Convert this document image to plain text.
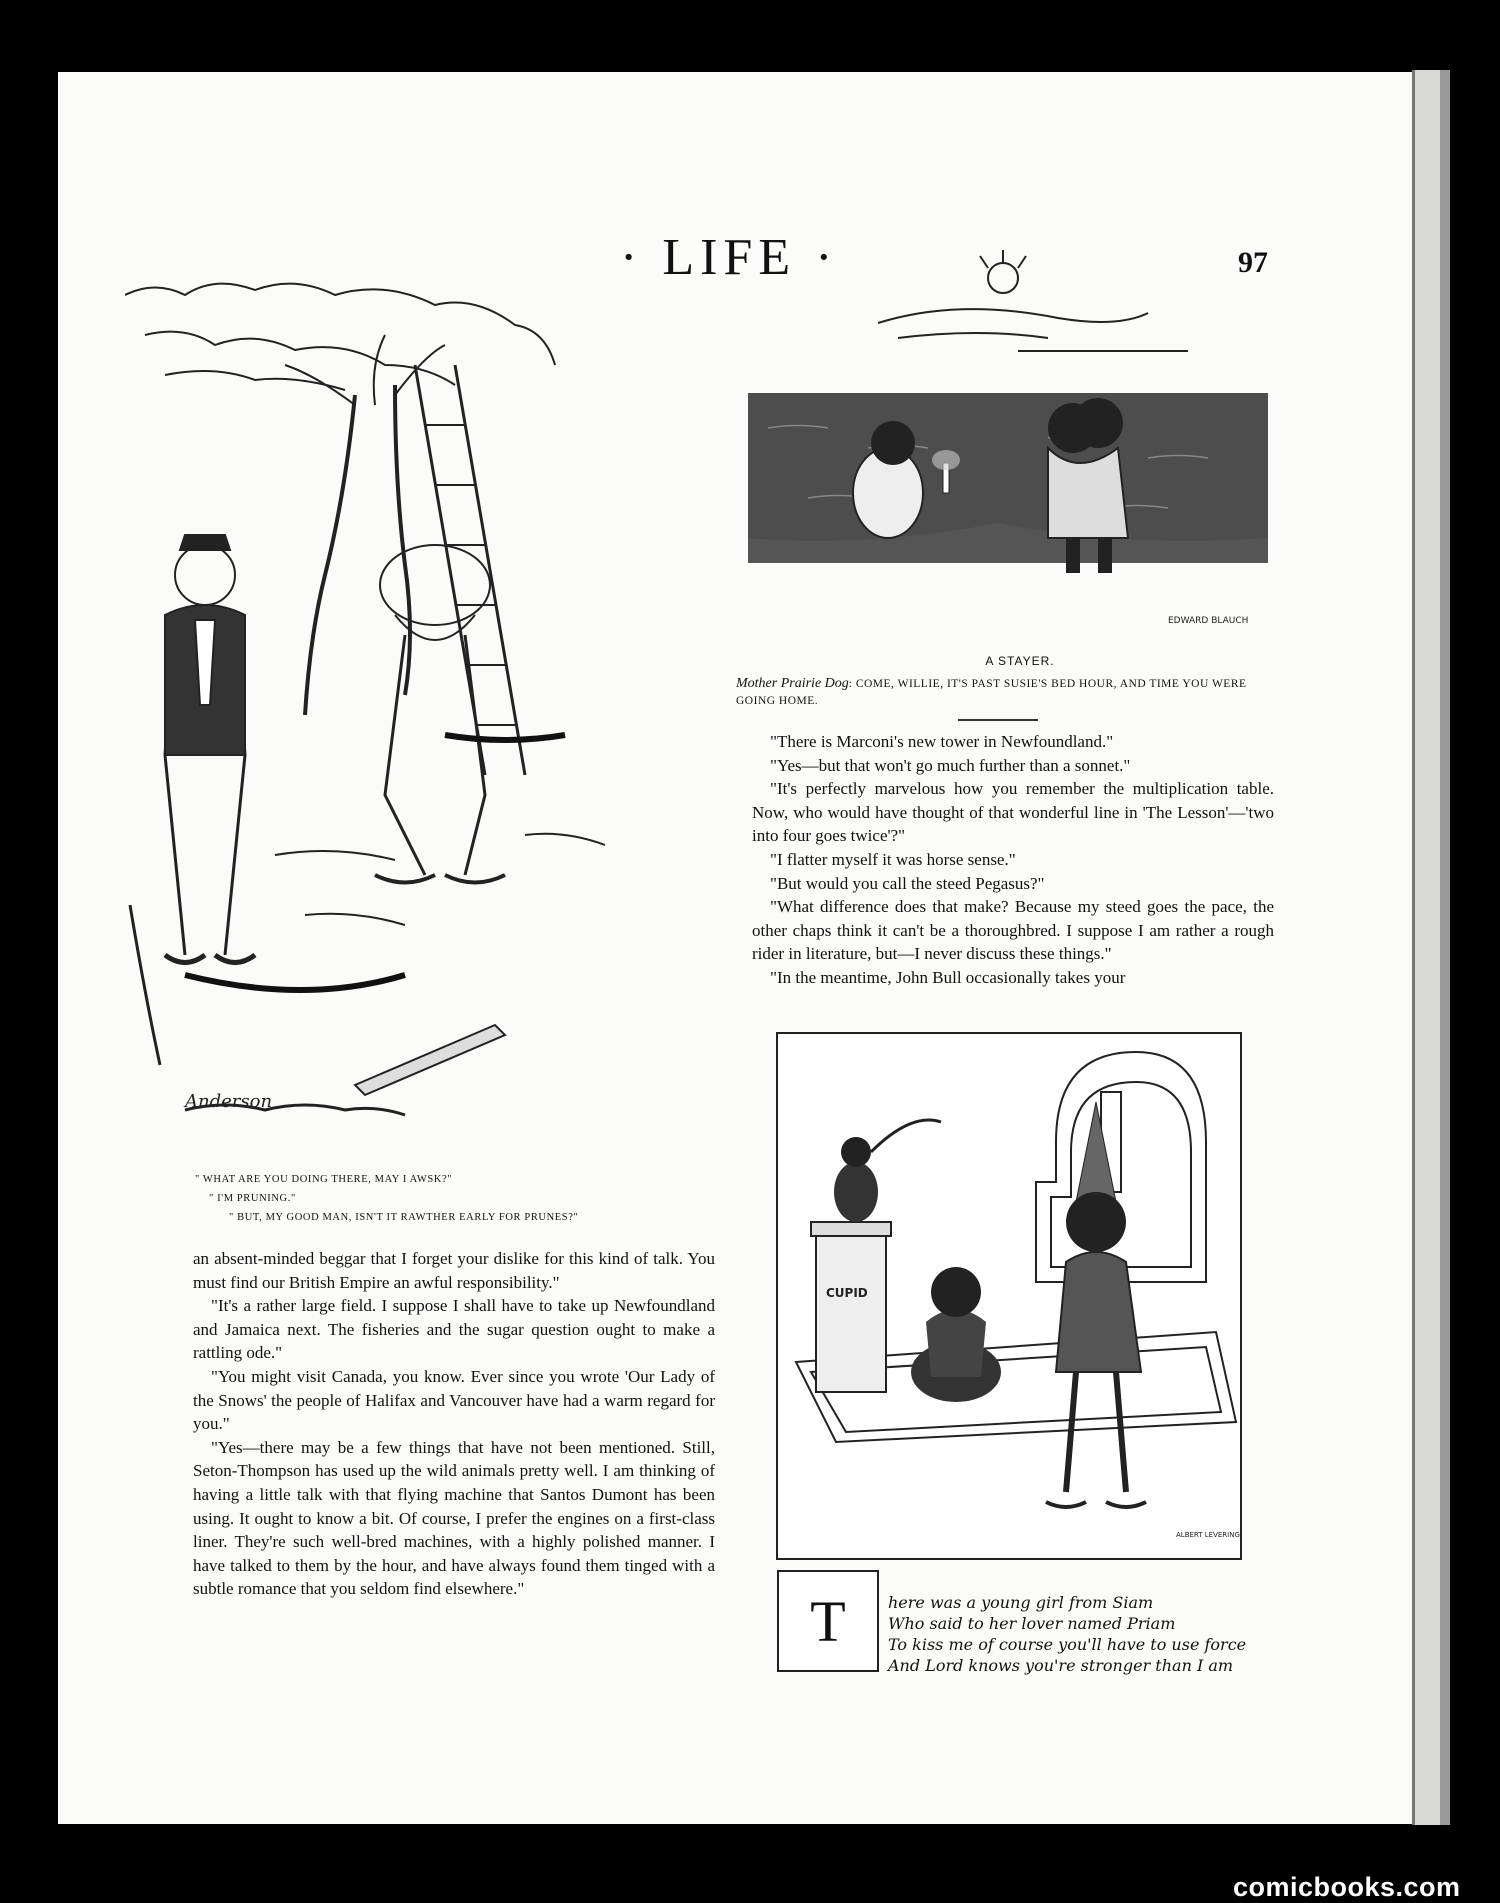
· LIFE ·	97
Anderson
EDWARD BLAUCH
A STAYER.
Mother Prairie Dog: COME, WILLIE, IT'S PAST SUSIE'S BED HOUR, AND TIME YOU WERE GOING HOME.

"There is Marconi's new tower in Newfoundland."

"Yes—but that won't go much further than a sonnet."

"It's perfectly marvelous how you remember the multiplication table. Now, who would have thought of that wonderful line in 'The Lesson'—'two into four goes twice'?"

"I flatter myself it was horse sense."

"But would you call the steed Pegasus?"

"What difference does that make? Because my steed goes the pace, the other chaps think it can't be a thoroughbred. I suppose I am rather a rough rider in literature, but—I never discuss these things."

"In the meantime, John Bull occasionally takes your

" WHAT ARE YOU DOING THERE, MAY I AWSK?"
" I'M PRUNING."
" BUT, MY GOOD MAN, ISN'T IT RAWTHER EARLY FOR PRUNES?"

an absent-minded beggar that I forget your dislike for this kind of talk. You must find our British Empire an awful responsibility."

"It's a rather large field. I suppose I shall have to take up Newfoundland and Jamaica next. The fisheries and the sugar question ought to make a rattling ode."

"You might visit Canada, you know. Ever since you wrote 'Our Lady of the Snows' the people of Halifax and Vancouver have had a warm regard for you."

"Yes—there may be a few things that have not been mentioned. Still, Seton-Thompson has used up the wild animals pretty well. I am thinking of having a little talk with that flying machine that Santos Dumont has been using. It ought to know a bit. Of course, I prefer the engines on a first-class liner. They're such well-bred machines, with a highly polished manner. I have talked to them by the hour, and have always found them tinged with a subtle romance that you seldom find elsewhere."

CUPID
ALBERT LEVERING
T	here was a young girl from Siam
Who said to her lover named Priam
To kiss me of course you'll have to use force
And Lord knows you're stronger than I am
comicbooks.com
